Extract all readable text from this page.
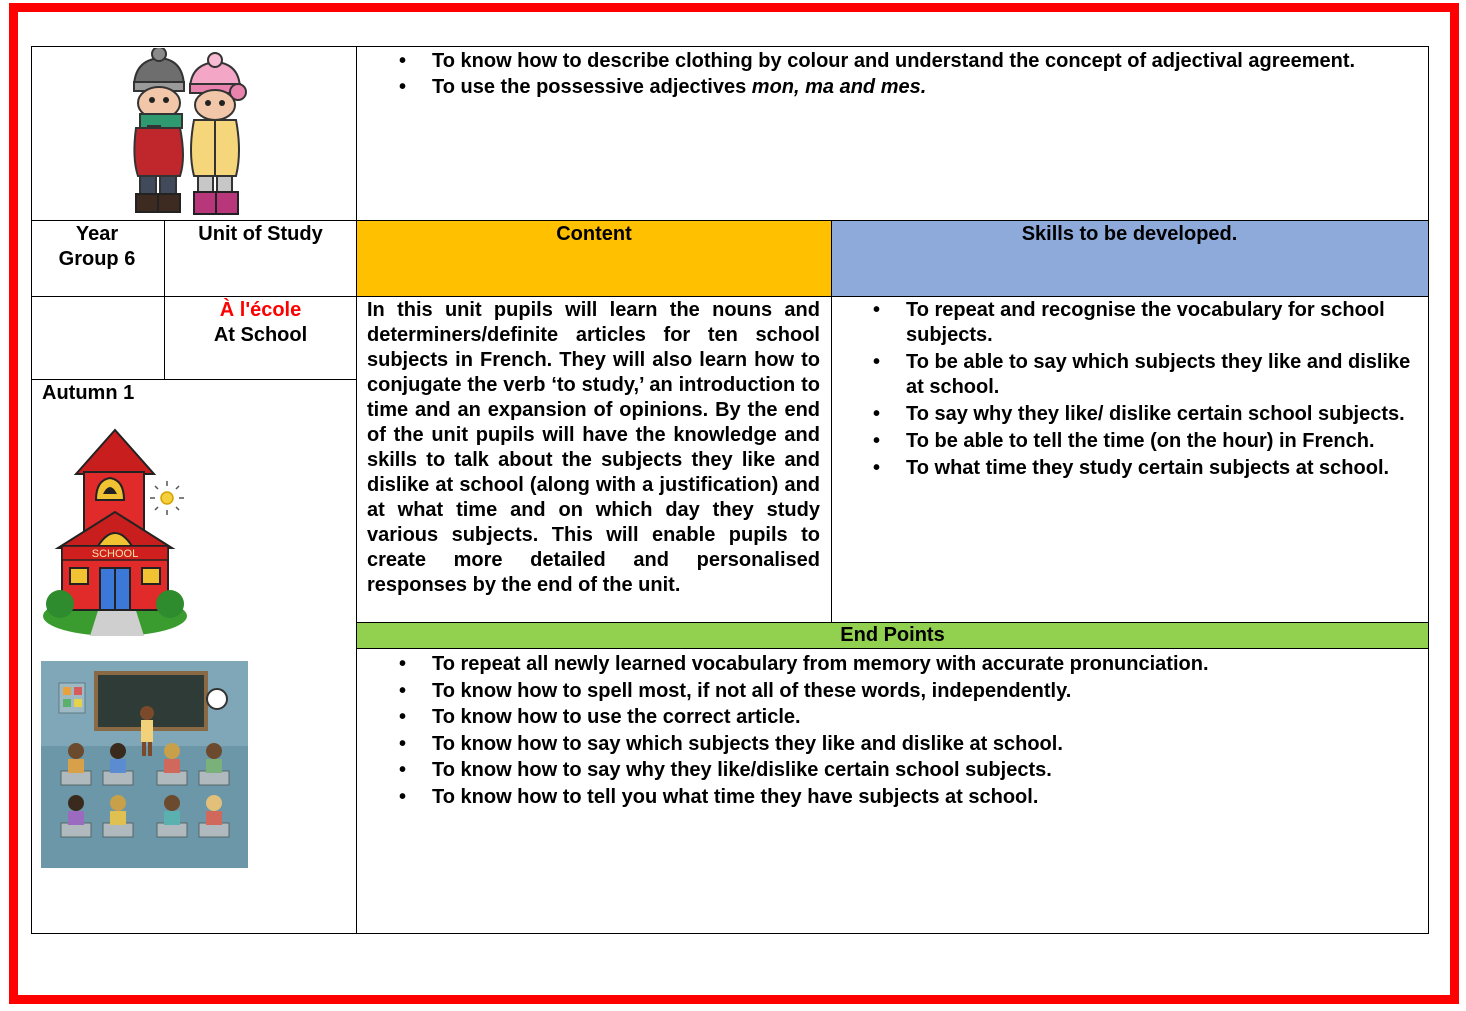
• To know how to describe clothing by colour and understand the concept of adjectival agreement.
• To use the possessive adjectives mon, ma and mes.
Year Group 6
Unit of Study	Content	Skills to be developed.
À l'école
At School
Autumn 1
SCHOOL
In this unit pupils will learn the nouns and determiners/definite articles for ten school subjects in French. They will also learn how to conjugate the verb ‘to study,’ an introduction to time and an expansion of opinions. By the end of the unit pupils will have the knowledge and skills to talk about the subjects they like and dislike at school (along with a justification) and at what time and on which day they study various subjects. This will enable pupils to create more detailed and personalised responses by the end of the unit.
• To repeat and recognise the vocabulary for school subjects.
• To be able to say which subjects they like and dislike at school.
• To say why they like/ dislike certain school subjects.
• To be able to tell the time (on the hour) in French.
• To what time they study certain subjects at school.
End Points
• To repeat all newly learned vocabulary from memory with accurate pronunciation.
• To know how to spell most, if not all of these words, independently.
• To know how to use the correct article.
• To know how to say which subjects they like and dislike at school.
• To know how to say why they like/dislike certain school subjects.
• To know how to tell you what time they have subjects at school.
